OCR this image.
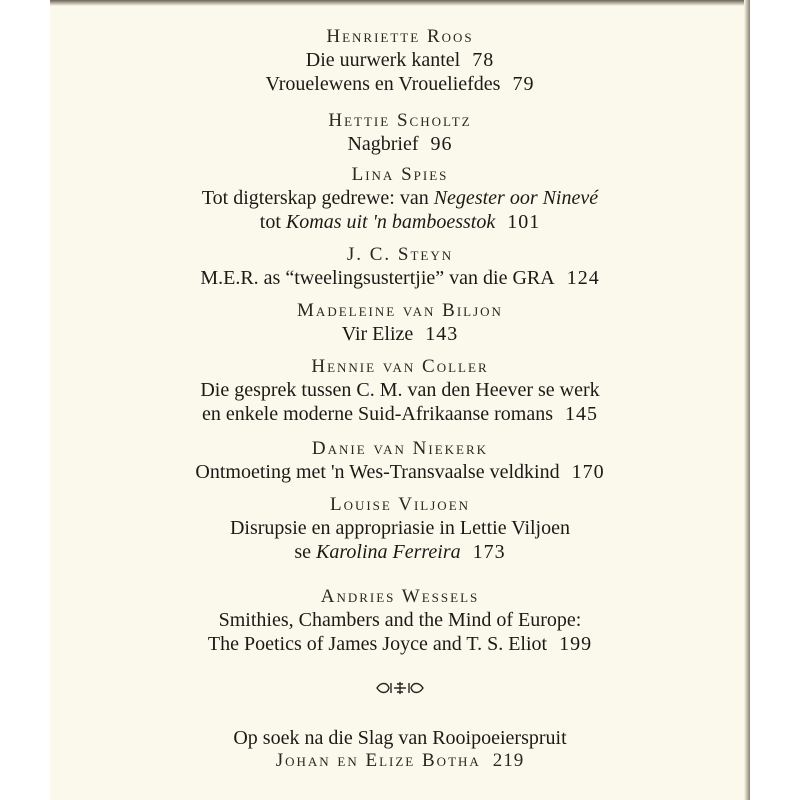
Henriette Roos
Die uurwerk kantel 78
Vrouelewens en Vroueliefdes 79
Hettie Scholtz
Nagbrief 96
Lina Spies
Tot digterskap gedrewe: van Negester oor Ninevé
tot Komas uit 'n bamboesstok 101
J. C. Steyn
M.E.R. as “tweelingsustertjie” van die GRA 124
Madeleine van Biljon
Vir Elize 143
Hennie van Coller
Die gesprek tussen C. M. van den Heever se werk
en enkele moderne Suid-Afrikaanse romans 145
Danie van Niekerk
Ontmoeting met 'n Wes-Transvaalse veldkind 170
Louise Viljoen
Disrupsie en appropriasie in Lettie Viljoen
se Karolina Ferreira 173
Andries Wessels
Smithies, Chambers and the Mind of Europe:
The Poetics of James Joyce and T. S. Eliot 199
Op soek na die Slag van Rooipoeierspruit
Johan en Elize Botha 219
